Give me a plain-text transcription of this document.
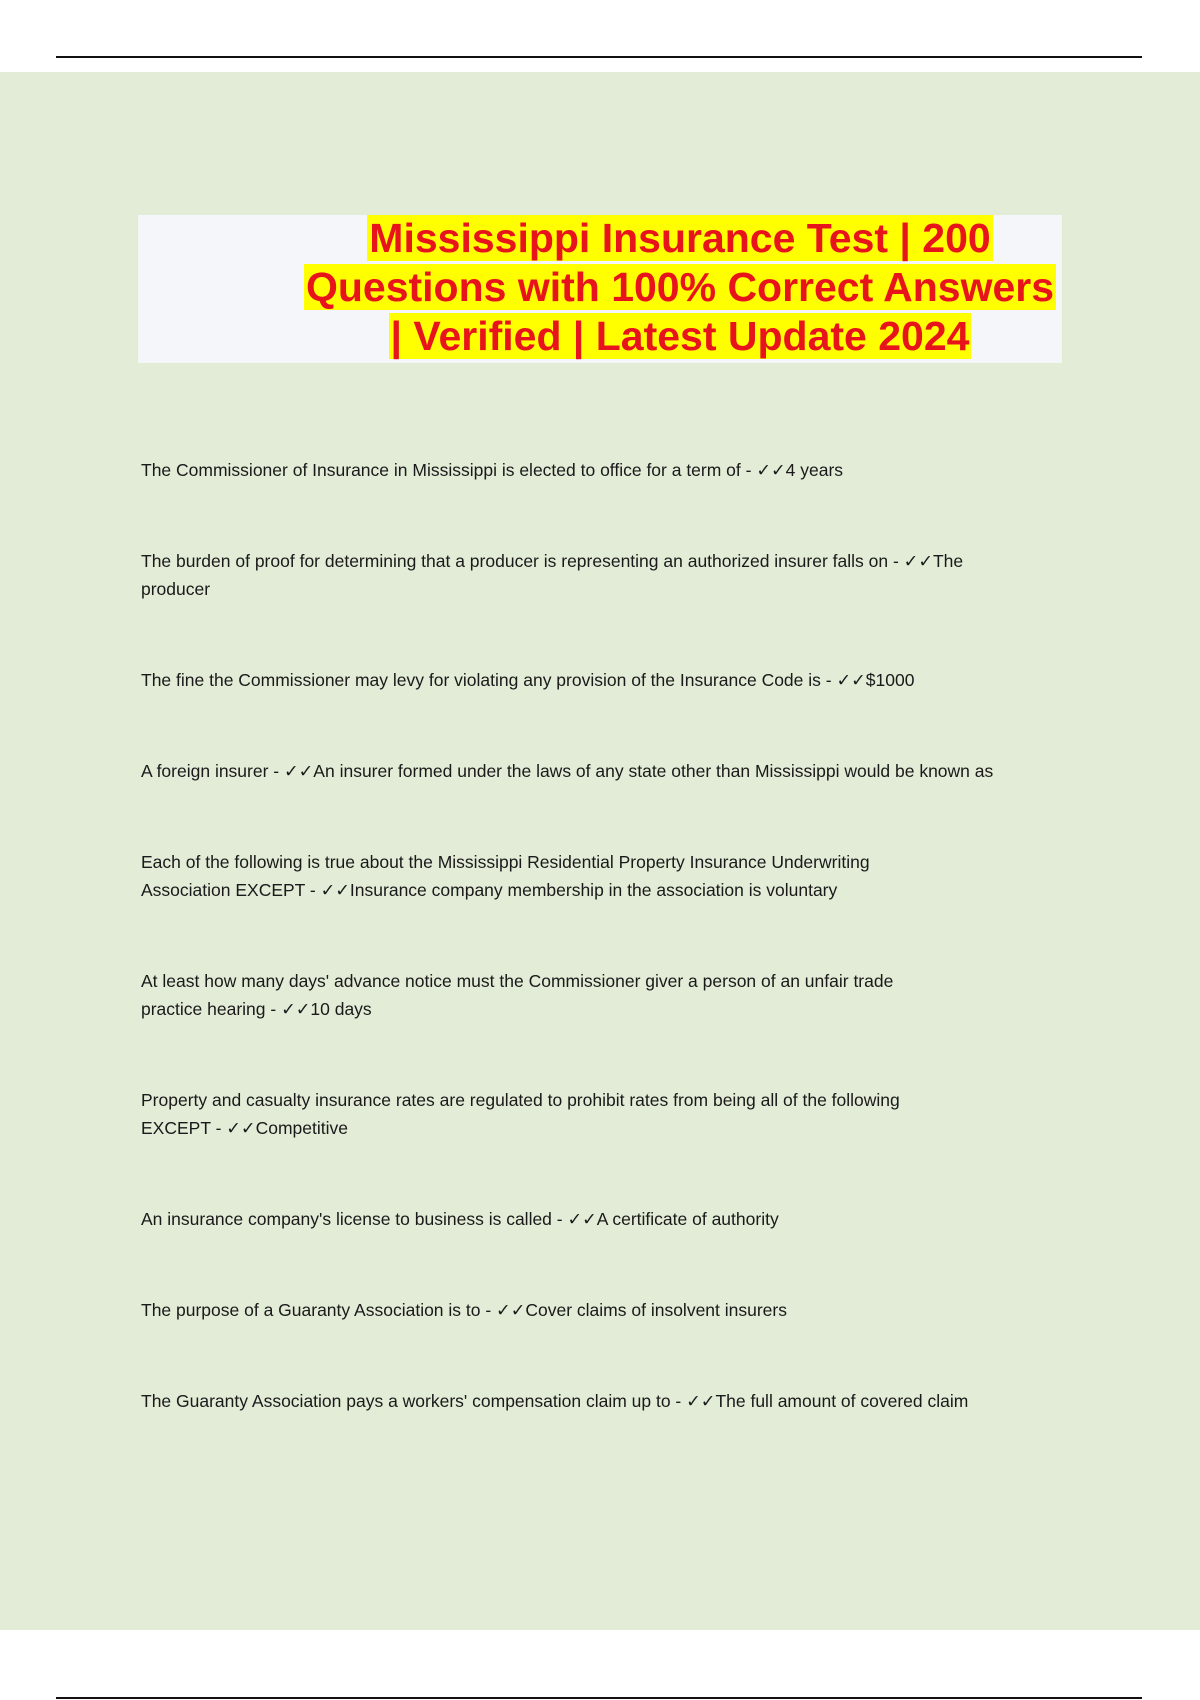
Mississippi Insurance Test | 200 Questions with 100% Correct Answers | Verified | Latest Update 2024
The Commissioner of Insurance in Mississippi is elected to office for a term of - ✓✓4 years
The burden of proof for determining that a producer is representing an authorized insurer falls on - ✓✓The producer
The fine the Commissioner may levy for violating any provision of the Insurance Code is - ✓✓$1000
A foreign insurer - ✓✓An insurer formed under the laws of any state other than Mississippi would be known as
Each of the following is true about the Mississippi Residential Property Insurance Underwriting Association EXCEPT - ✓✓Insurance company membership in the association is voluntary
At least how many days' advance notice must the Commissioner giver a person of an unfair trade practice hearing - ✓✓10 days
Property and casualty insurance rates are regulated to prohibit rates from being all of the following EXCEPT - ✓✓Competitive
An insurance company's license to business is called - ✓✓A certificate of authority
The purpose of a Guaranty Association is to - ✓✓Cover claims of insolvent insurers
The Guaranty Association pays a workers' compensation claim up to - ✓✓The full amount of covered claim
